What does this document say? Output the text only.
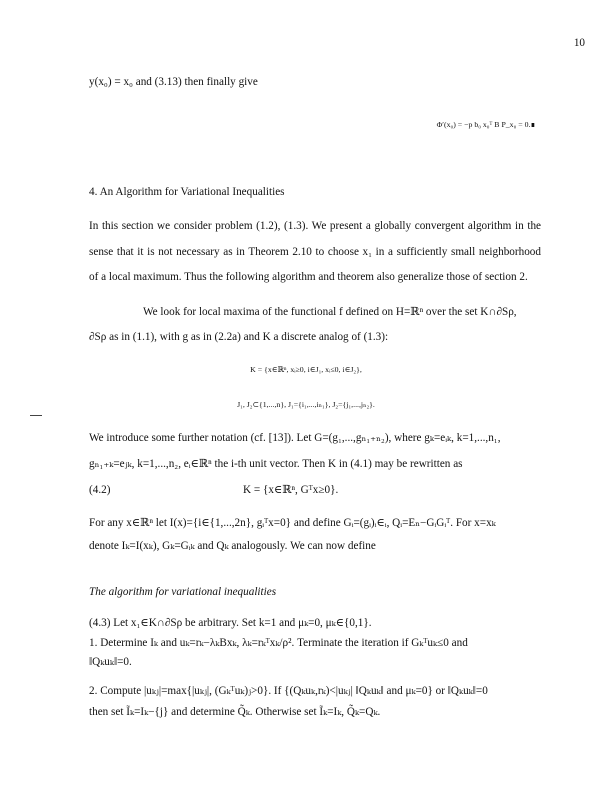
10
y(x₀) = x₀ and (3.13) then finally give
Φ′(x₀) = −p b₀ x₀ᵀ B P_x₀ = 0.∎
4. An Algorithm for Variational Inequalities
In this section we consider problem (1.2), (1.3). We present a globally convergent algorithm in the
sense that it is not necessary as in Theorem 2.10 to choose x₁ in a sufficiently small neighborhood
of a local maximum. Thus the following algorithm and theorem also generalize those of section 2.
We look for local maxima of the functional f defined on H=ℝⁿ over the set K∩∂Sρ,
∂Sρ as in (1.1), with g as in (2.2a) and K a discrete analog of (1.3):
K = {x∈ℝⁿ, xᵢ≥0, i∈J₁, xᵢ≤0, i∈J₂},
J₁, J₂⊂{1,...,n}, J₁={i₁,...,iₙ₁}, J₂={j₁,...,jₙ₂}.
We introduce some further notation (cf. [13]). Let G=(g₁,...,gₙ₁₊ₙ₂), where gₖ=eᵢₖ, k=1,...,n₁,
gₙ₁₊ₖ=eⱼₖ, k=1,...,n₂, eᵢ∈ℝⁿ the i-th unit vector. Then K in (4.1) may be rewritten as
(4.2)	K = {x∈ℝⁿ, Gᵀx≥0}.
For any x∈ℝⁿ let I(x)={i∈{1,...,2n}, gᵢᵀx=0} and define Gᵢ=(gᵢ)ᵢ∈ᵢ, Qᵢ=Eₙ−GᵢGᵢᵀ. For x=xₖ
denote Iₖ=I(xₖ), Gₖ=Gᵢₖ and Qₖ analogously. We can now define
The algorithm for variational inequalities
(4.3) Let x₁∈K∩∂Sρ be arbitrary. Set k=1 and μₖ=0, μₖ∈{0,1}.
1. Determine Iₖ and uₖ=rₖ−λₖBxₖ, λₖ=rₖᵀxₖ/ρ². Terminate the iteration if Gₖᵀuₖ≤0 and
‖Qₖuₖ‖=0.
2. Compute |uₖⱼ|=max{|uₖⱼ|, (Gₖᵀuₖ)ⱼ>0}. If {(Qₖuₖ,rₖ)<|uₖⱼ| ‖Qₖuₖ‖ and μₖ=0} or ‖Qₖuₖ‖=0
then set Ĩₖ=Iₖ−{j} and determine Q̃ₖ. Otherwise set Ĩₖ=Iₖ, Q̃ₖ=Qₖ.
